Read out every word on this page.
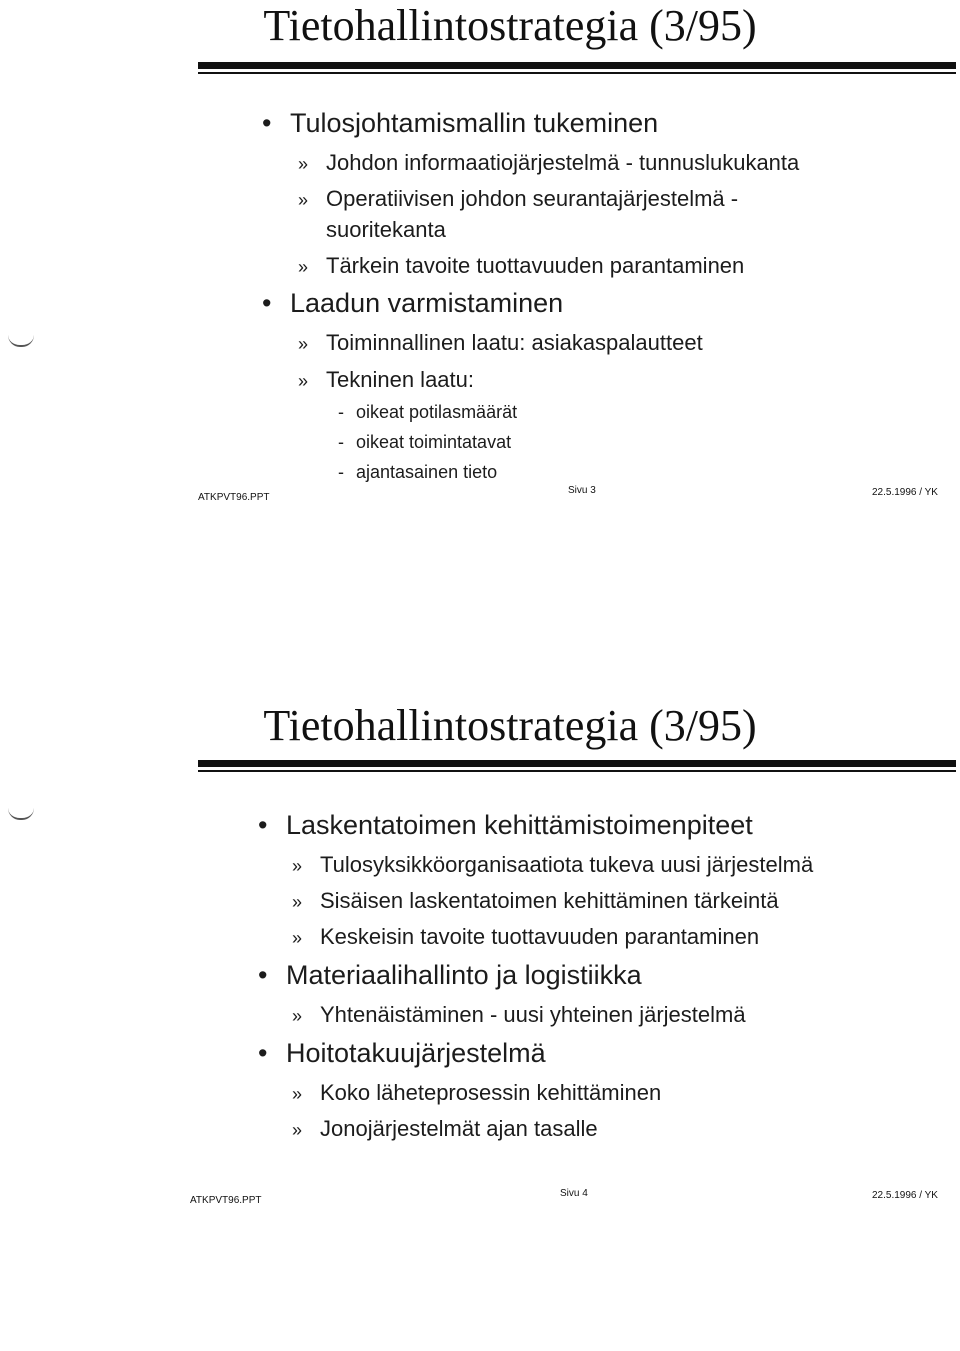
Tietohallintostrategia (3/95)
• Tulosjohtamismallin tukeminen
» Johdon informaatiojärjestelmä - tunnuslukukanta
» Operatiivisen johdon seurantajärjestelmä -
suoritekanta
» Tärkein tavoite tuottavuuden parantaminen
• Laadun varmistaminen
» Toiminnallinen laatu: asiakaspalautteet
» Tekninen laatu:
- oikeat potilasmäärät
- oikeat toimintatavat
- ajantasainen tieto
ATKPVT96.PPT
Sivu 3	22.5.1996 / YK
Tietohallintostrategia (3/95)
• Laskentatoimen kehittämistoimenpiteet
» Tulosyksikköorganisaatiota tukeva uusi järjestelmä
» Sisäisen laskentatoimen kehittäminen tärkeintä
» Keskeisin tavoite tuottavuuden parantaminen
• Materiaalihallinto ja logistiikka
» Yhtenäistäminen - uusi yhteinen järjestelmä
• Hoitotakuujärjestelmä
» Koko läheteprosessin kehittäminen
» Jonojärjestelmät ajan tasalle
ATKPVT96.PPT
Sivu 4	22.5.1996 / YK
